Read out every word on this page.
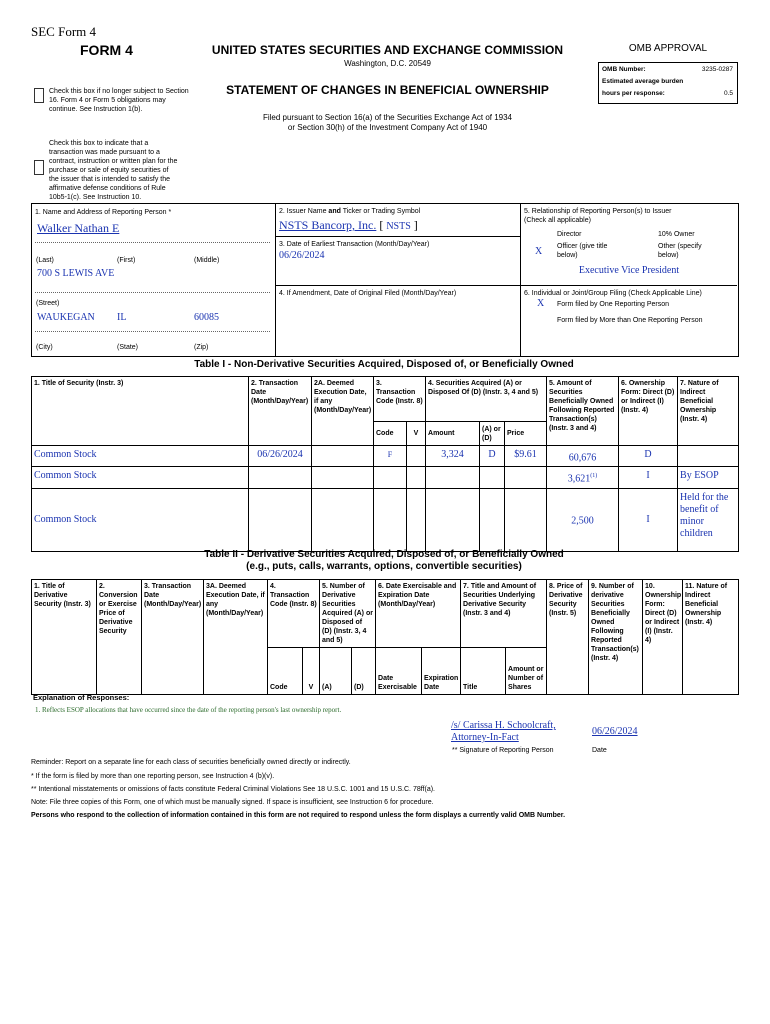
SEC Form 4
FORM 4	UNITED STATES SECURITIES AND EXCHANGE COMMISSION
Washington, D.C. 20549
STATEMENT OF CHANGES IN BENEFICIAL OWNERSHIP
Filed pursuant to Section 16(a) of the Securities Exchange Act of 1934
or Section 30(h) of the Investment Company Act of 1940
Check this box if no longer subject to Section 16. Form 4 or Form 5 obligations may continue. See Instruction 1(b).
Check this box to indicate that a transaction was made pursuant to a contract, instruction or written plan for the purchase or sale of equity securities of the issuer that is intended to satisfy the affirmative defense conditions of Rule 10b5-1(c). See Instruction 10.
OMB APPROVAL
OMB Number:	3235-0287
Estimated average burden
hours per response:	0.5
1. Name and Address of Reporting Person *
Walker Nathan E
(Last)	(First)	(Middle)
700 S LEWIS AVE
(Street)
WAUKEGAN IL	60085
(City)	(State)	(Zip)
2. Issuer Name and Ticker or Trading Symbol
NSTS Bancorp, Inc. [ NSTS ]
3. Date of Earliest Transaction (Month/Day/Year)
06/26/2024
4. If Amendment, Date of Original Filed (Month/Day/Year)
5. Relationship of Reporting Person(s) to Issuer
(Check all applicable)
Director	10% Owner
X Officer (give title below)
Other (specify below)
Executive Vice President
6. Individual or Joint/Group Filing (Check Applicable Line)
X Form filed by One Reporting Person
Form filed by More than One Reporting Person
Table I - Non-Derivative Securities Acquired, Disposed of, or Beneficially Owned
1. Title of Security (Instr. 3)	2. Transaction Date (Month/Day/Year)	2A. Deemed Execution Date, if any (Month/Day/Year)	3. Transaction Code (Instr. 8)		4. Securities Acquired (A) or Disposed Of (D) (Instr. 3, 4 and 5)			5. Amount of Securities Beneficially Owned Following Reported Transaction(s) (Instr. 3 and 4)	6. Ownership Form: Direct (D) or Indirect (I) (Instr. 4)	7. Nature of Indirect Beneficial Ownership (Instr. 4)
			Code	V	Amount	(A) or (D)	Price			
Common Stock	06/26/2024		F		3,324	D	$9.61	60,676	D	
Common Stock								3,621$^{(1)}$	I	By ESOP
Common Stock								2,500	I	Held for the benefit of minor children
Table II - Derivative Securities Acquired, Disposed of, or Beneficially Owned
(e.g., puts, calls, warrants, options, convertible securities)
1. Title of Derivative Security (Instr. 3)	2. Conversion or Exercise Price of Derivative Security	3. Transaction Date (Month/Day/Year)	3A. Deemed Execution Date, if any (Month/Day/Year)	4. Transaction Code (Instr. 8)		5. Number of Derivative Securities Acquired (A) or Disposed of (D) (Instr. 3, 4 and 5)		6. Date Exercisable and Expiration Date (Month/Day/Year)		7. Title and Amount of Securities Underlying Derivative Security (Instr. 3 and 4)		8. Price of Derivative Security (Instr. 5)	9. Number of derivative Securities Beneficially Owned Following Reported Transaction(s) (Instr. 4)	10. Ownership Form: Direct (D) or Indirect (I) (Instr. 4)	11. Nature of Indirect Beneficial Ownership (Instr. 4)
				Code	V	(A)	(D)	Date Exercisable	Expiration Date	Title	Amount or Number of Shares				
Explanation of Responses:
1. Reflects ESOP allocations that have occurred since the date of the reporting person's last ownership report.
/s/ Carissa H. Schoolcraft,
Attorney-In-Fact
06/26/2024
** Signature of Reporting Person	Date
Reminder: Report on a separate line for each class of securities beneficially owned directly or indirectly.
* If the form is filed by more than one reporting person, see Instruction 4 (b)(v).
** Intentional misstatements or omissions of facts constitute Federal Criminal Violations See 18 U.S.C. 1001 and 15 U.S.C. 78ff(a).
Note: File three copies of this Form, one of which must be manually signed. If space is insufficient, see Instruction 6 for procedure.
Persons who respond to the collection of information contained in this form are not required to respond unless the form displays a currently valid OMB Number.
